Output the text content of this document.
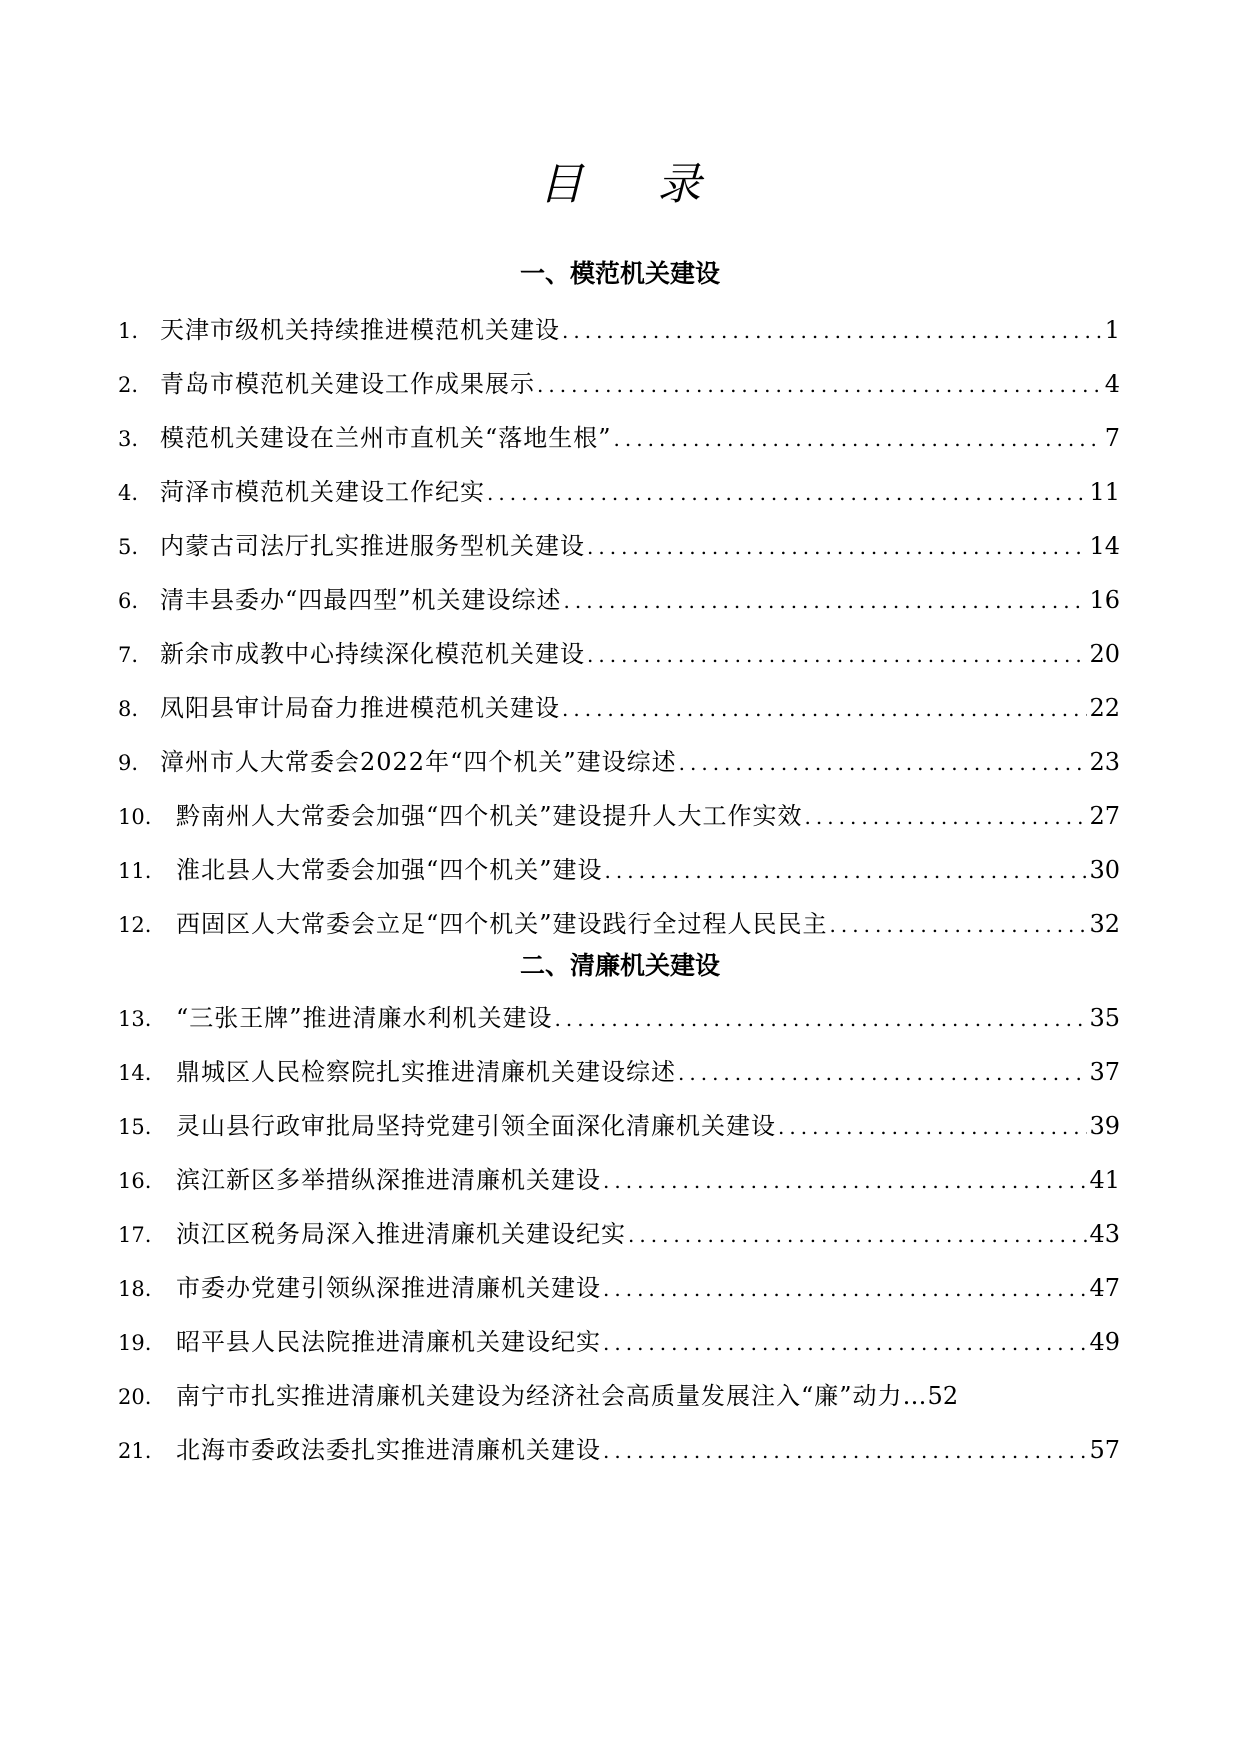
目 录
一、模范机关建设
1. 天津市级机关持续推进模范机关建设 .....	1
2. 青岛市模范机关建设工作成果展示 .....	4
3. 模范机关建设在兰州市直机关“落地生根” .....	7
4. 菏泽市模范机关建设工作纪实 .....	11
5. 内蒙古司法厅扎实推进服务型机关建设 .....	14
6. 清丰县委办“四最四型”机关建设综述 .....	16
7. 新余市成教中心持续深化模范机关建设 .....	20
8. 凤阳县审计局奋力推进模范机关建设 .....	22
9. 漳州市人大常委会2022年“四个机关”建设综述 .....	23
10.	黔南州人大常委会加强“四个机关”建设提升人大工作实效 .....	27
11.	淮北县人大常委会加强“四个机关”建设 .....	30
12.	西固区人大常委会立足“四个机关”建设践行全过程人民民主 .....	32
二、清廉机关建设
13.	“三张王牌”推进清廉水利机关建设 .....	35
14.	鼎城区人民检察院扎实推进清廉机关建设综述 .....	37
15.	灵山县行政审批局坚持党建引领全面深化清廉机关建设 .....	39
16.	滨江新区多举措纵深推进清廉机关建设 .....	41
17.	浈江区税务局深入推进清廉机关建设纪实 .....	43
18.	市委办党建引领纵深推进清廉机关建设 .....	47
19.	昭平县人民法院推进清廉机关建设纪实 .....	49
20.	南宁市扎实推进清廉机关建设为经济社会高质量发展注入“廉”动力… 52
21.	北海市委政法委扎实推进清廉机关建设 .....	57
